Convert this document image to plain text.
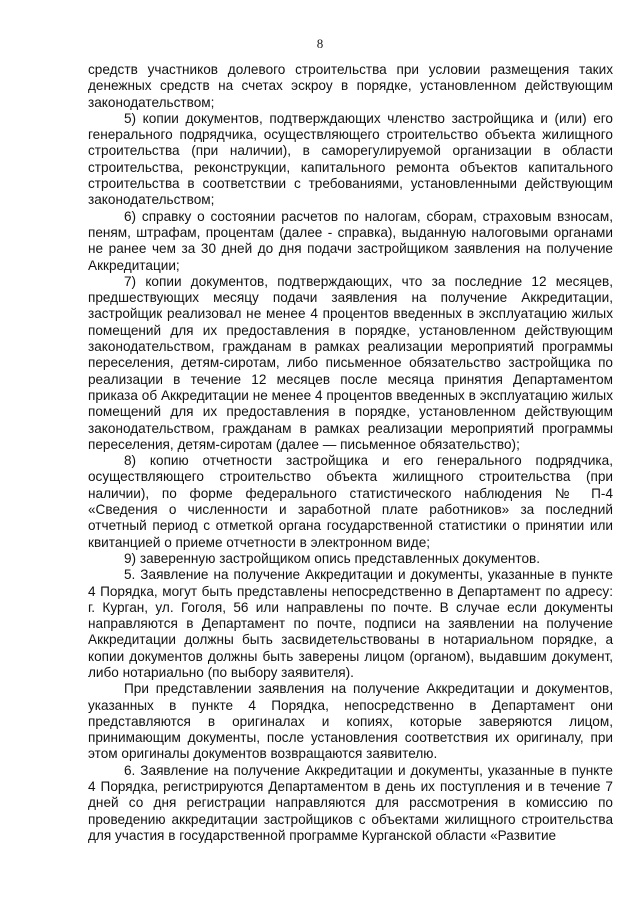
8

средств участников долевого строительства при условии размещения таких денежных средств на счетах эскроу в порядке, установленном действующим законодательством;

5) копии документов, подтверждающих членство застройщика и (или) его генерального подрядчика, осуществляющего строительство объекта жилищного строительства (при наличии), в саморегулируемой организации в области строительства, реконструкции, капитального ремонта объектов капитального строительства в соответствии с требованиями, установленными действующим законодательством;

6) справку о состоянии расчетов по налогам, сборам, страховым взносам, пеням, штрафам, процентам (далее - справка), выданную налоговыми органами не ранее чем за 30 дней до дня подачи застройщиком заявления на получение Аккредитации;

7) копии документов, подтверждающих, что за последние 12 месяцев, предшествующих месяцу подачи заявления на получение Аккредитации, застройщик реализовал не менее 4 процентов введенных в эксплуатацию жилых помещений для их предоставления в порядке, установленном действующим законодательством, гражданам в рамках реализации мероприятий программы переселения, детям-сиротам, либо письменное обязательство застройщика по реализации в течение 12 месяцев после месяца принятия Департаментом приказа об Аккредитации не менее 4 процентов введенных в эксплуатацию жилых помещений для их предоставления в порядке, установленном действующим законодательством, гражданам в рамках реализации мероприятий программы переселения, детям-сиротам (далее — письменное обязательство);

8) копию отчетности застройщика и его генерального подрядчика, осуществляющего строительство объекта жилищного строительства (при наличии), по форме федерального статистического наблюдения № П-4 «Сведения о численности и заработной плате работников» за последний отчетный период с отметкой органа государственной статистики о принятии или квитанцией о приеме отчетности в электронном виде;

9) заверенную застройщиком опись представленных документов.

5. Заявление на получение Аккредитации и документы, указанные в пункте 4 Порядка, могут быть представлены непосредственно в Департамент по адресу: г. Курган, ул. Гоголя, 56 или направлены по почте. В случае если документы направляются в Департамент по почте, подписи на заявлении на получение Аккредитации должны быть засвидетельствованы в нотариальном порядке, а копии документов должны быть заверены лицом (органом), выдавшим документ, либо нотариально (по выбору заявителя).

При представлении заявления на получение Аккредитации и документов, указанных в пункте 4 Порядка, непосредственно в Департамент они представляются в оригиналах и копиях, которые заверяются лицом, принимающим документы, после установления соответствия их оригиналу, при этом оригиналы документов возвращаются заявителю.

6. Заявление на получение Аккредитации и документы, указанные в пункте 4 Порядка, регистрируются Департаментом в день их поступления и в течение 7 дней со дня регистрации направляются для рассмотрения в комиссию по проведению аккредитации застройщиков с объектами жилищного строительства для участия в государственной программе Курганской области «Развитие
